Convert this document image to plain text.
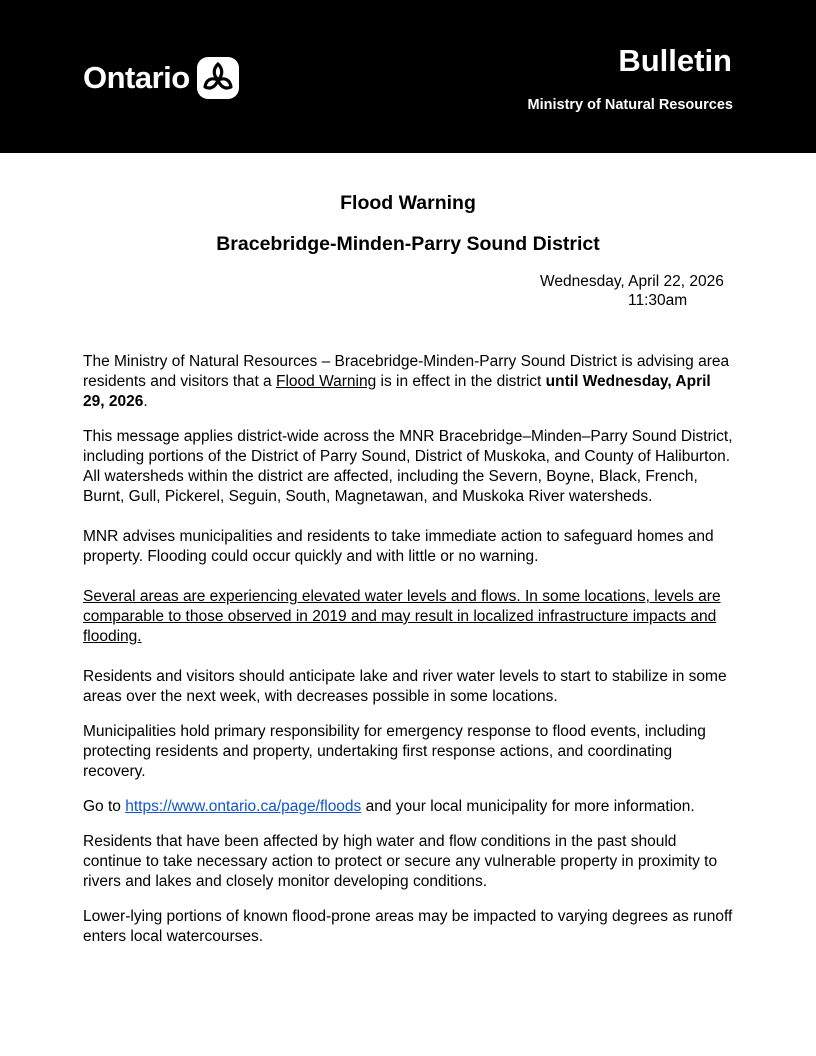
Ontario	Bulletin
Ministry of Natural Resources
Flood Warning
Bracebridge-Minden-Parry Sound District
Wednesday, April 22, 2026
11:30am

The Ministry of Natural Resources – Bracebridge-Minden-Parry Sound District is advising area residents and visitors that a Flood Warning is in effect in the district until Wednesday, April 29, 2026.

This message applies district-wide across the MNR Bracebridge–Minden–Parry Sound District, including portions of the District of Parry Sound, District of Muskoka, and County of Haliburton. All watersheds within the district are affected, including the Severn, Boyne, Black, French, Burnt, Gull, Pickerel, Seguin, South, Magnetawan, and Muskoka River watersheds.

MNR advises municipalities and residents to take immediate action to safeguard homes and property. Flooding could occur quickly and with little or no warning.

Several areas are experiencing elevated water levels and flows. In some locations, levels are comparable to those observed in 2019 and may result in localized infrastructure impacts and flooding.

Residents and visitors should anticipate lake and river water levels to start to stabilize in some areas over the next week, with decreases possible in some locations.

Municipalities hold primary responsibility for emergency response to flood events, including protecting residents and property, undertaking first response actions, and coordinating recovery.

Go to https://www.ontario.ca/page/floods and your local municipality for more information.

Residents that have been affected by high water and flow conditions in the past should continue to take necessary action to protect or secure any vulnerable property in proximity to rivers and lakes and closely monitor developing conditions.

Lower-lying portions of known flood-prone areas may be impacted to varying degrees as runoff enters local watercourses.
